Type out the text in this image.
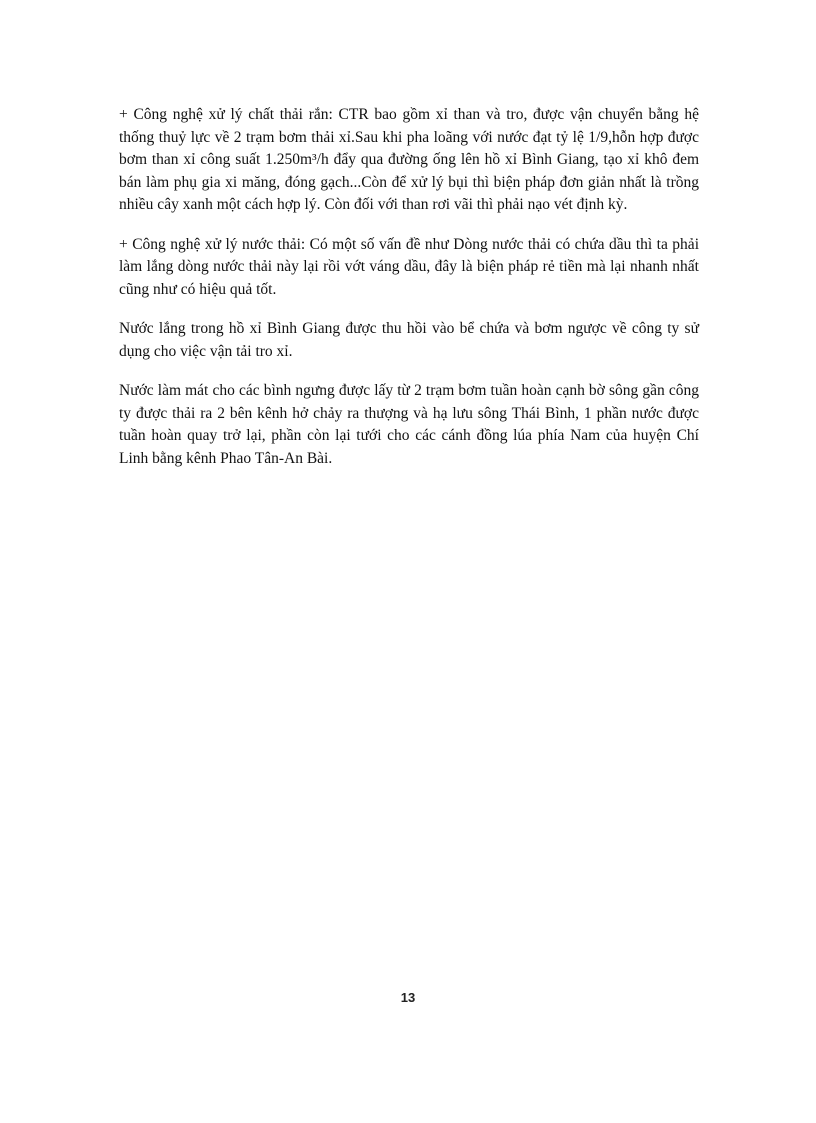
+ Công nghệ xử lý chất thải rắn: CTR bao gồm xỉ than và tro, được vận chuyển bằng hệ thống thuỷ lực về 2 trạm bơm thải xỉ.Sau khi pha loãng với nước đạt tỷ lệ 1/9,hỗn hợp được bơm than xỉ công suất 1.250m³/h đẩy qua đường ống lên hồ xỉ Bình Giang, tạo xỉ khô đem bán làm phụ gia xi măng, đóng gạch...Còn để xử lý bụi thì biện pháp đơn giản nhất là trồng nhiều cây xanh một cách hợp lý. Còn đối với than rơi vãi thì phải nạo vét định kỳ.

+ Công nghệ xử lý nước thải: Có một số vấn đề như Dòng nước thải có chứa dầu thì ta phải làm lắng dòng nước thải này lại rồi vớt váng dầu, đây là biện pháp rẻ tiền mà lại nhanh nhất cũng như có hiệu quả tốt.

Nước lắng trong hồ xỉ Bình Giang được thu hồi vào bể chứa và bơm ngược về công ty sử dụng cho việc vận tải tro xỉ.

Nước làm mát cho các bình ngưng được lấy từ 2 trạm bơm tuần hoàn cạnh bờ sông gần công ty được thải ra 2 bên kênh hở chảy ra thượng và hạ lưu sông Thái Bình, 1 phần nước được tuần hoàn quay trở lại, phần còn lại tưới cho các cánh đồng lúa phía Nam của huyện Chí Linh bằng kênh Phao Tân-An Bài.

13
